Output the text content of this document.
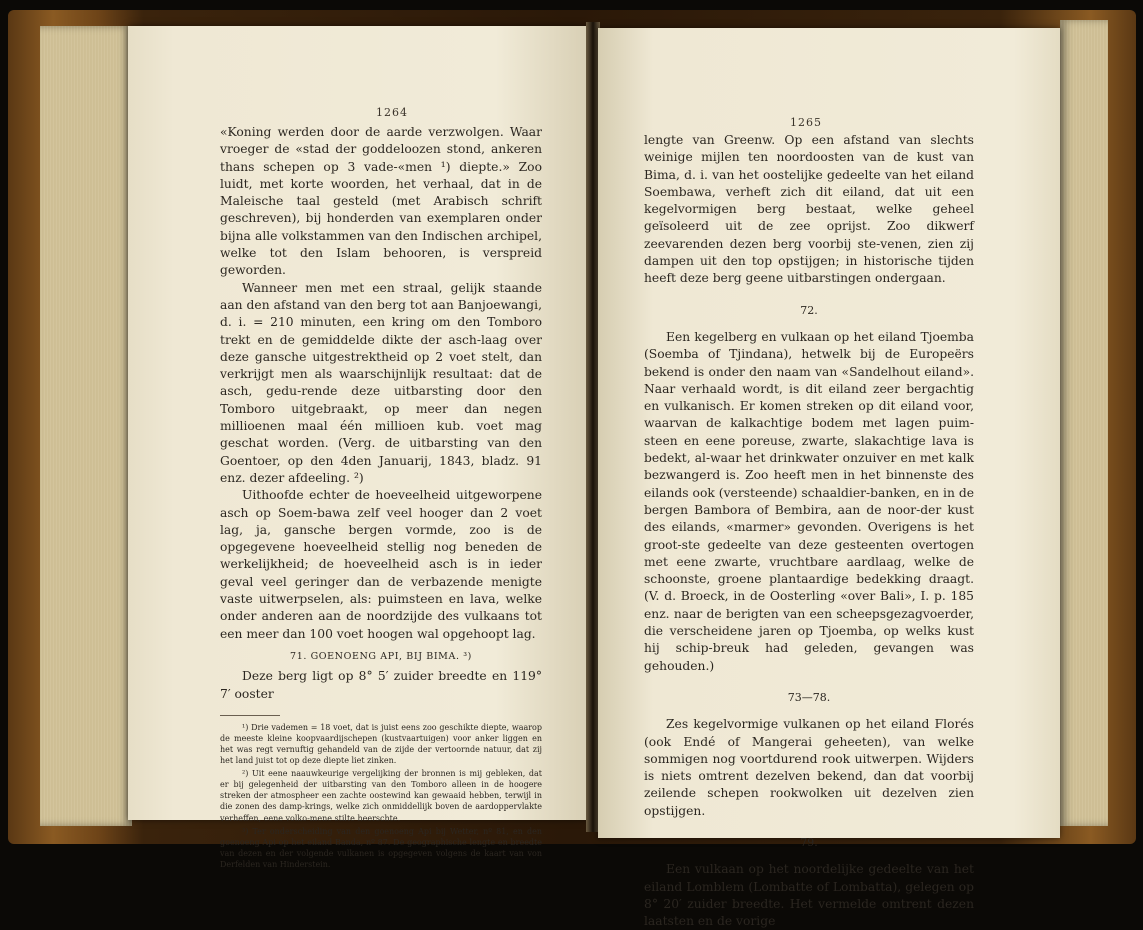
1264

«Koning werden door de aarde verzwolgen. Waar vroeger de «stad der goddeloozen stond, ankeren thans schepen op 3 vade-«men ¹) diepte.» Zoo luidt, met korte woorden, het verhaal, dat in de Maleische taal gesteld (met Arabisch schrift geschreven), bij honderden van exemplaren onder bijna alle volkstammen van den Indischen archipel, welke tot den Islam behooren, is verspreid geworden.

Wanneer men met een straal, gelijk staande aan den afstand van den berg tot aan Banjoewangi, d. i. = 210 minuten, een kring om den Tomboro trekt en de gemiddelde dikte der asch-laag over deze gansche uitgestrektheid op 2 voet stelt, dan verkrijgt men als waarschijnlijk resultaat: dat de asch, gedu-rende deze uitbarsting door den Tomboro uitgebraakt, op meer dan negen millioenen maal één millioen kub. voet mag geschat worden. (Verg. de uitbarsting van den Goentoer, op den 4den Januarij, 1843, bladz. 91 enz. dezer afdeeling. ²)

Uithoofde echter de hoeveelheid uitgeworpene asch op Soem-bawa zelf veel hooger dan 2 voet lag, ja, gansche bergen vormde, zoo is de opgegevene hoeveelheid stellig nog beneden de werkelijkheid; de hoeveelheid asch is in ieder geval veel geringer dan de verbazende menigte vaste uitwerpselen, als: puimsteen en lava, welke onder anderen aan de noordzijde des vulkaans tot een meer dan 100 voet hoogen wal opgehoopt lag.

71. GOENOENG API, BIJ BIMA. ³)

Deze berg ligt op 8° 5′ zuider breedte en 119° 7′ ooster

¹) Drie vademen = 18 voet, dat is juist eens zoo geschikte diepte, waarop de meeste kleine koopvaardijschepen (kustvaartuigen) voor anker liggen en het was regt vernuftig gehandeld van de zijde der vertoornde natuur, dat zij het land juist tot op deze diepte liet zinken.

²) Uit eene naauwkeurige vergelijking der bronnen is mij gebleken, dat er bij gelegenheid der uitbarsting van den Tomboro alleen in de hoogere streken der atmospheer een zachte oostewind kan gewaaid hebben, terwijl in die zonen des damp-krings, welke zich onmiddellijk boven de aardoppervlakte verheffen, eene volko-mene stilte heerschte.

³) Ter onderscheiding van den goenoeng Api bij Wetter, nº 81, en den goenoeng Api op het eiland Banda, nº 87. De geographische lengte en breedte van dezen en der volgende vulkanen is opgegeven volgens de kaart van von Derfelden van Hinderstein.

1265

lengte van Greenw. Op een afstand van slechts weinige mijlen ten noordoosten van de kust van Bima, d. i. van het oostelijke gedeelte van het eiland Soembawa, verheft zich dit eiland, dat uit een kegelvormigen berg bestaat, welke geheel geïsoleerd uit de zee oprijst. Zoo dikwerf zeevarenden dezen berg voorbij ste-venen, zien zij dampen uit den top opstijgen; in historische tijden heeft deze berg geene uitbarstingen ondergaan.

72.

Een kegelberg en vulkaan op het eiland Tjoemba (Soemba of Tjindana), hetwelk bij de Europeërs bekend is onder den naam van «Sandelhout eiland». Naar verhaald wordt, is dit eiland zeer bergachtig en vulkanisch. Er komen streken op dit eiland voor, waarvan de kalkachtige bodem met lagen puim-steen en eene poreuse, zwarte, slakachtige lava is bedekt, al-waar het drinkwater onzuiver en met kalk bezwangerd is. Zoo heeft men in het binnenste des eilands ook (versteende) schaaldier-banken, en in de bergen Bambora of Bembira, aan de noor-der kust des eilands, «marmer» gevonden. Overigens is het groot-ste gedeelte van deze gesteenten overtogen met eene zwarte, vruchtbare aardlaag, welke de schoonste, groene plantaardige bedekking draagt. (V. d. Broeck, in de Oosterling «over Bali», I. p. 185 enz. naar de berigten van een scheepsgezagvoerder, die verscheidene jaren op Tjoemba, op welks kust hij schip-breuk had geleden, gevangen was gehouden.)

73—78.

Zes kegelvormige vulkanen op het eiland Florés (ook Endé of Mangerai geheeten), van welke sommigen nog voortdurend rook uitwerpen. Wijders is niets omtrent dezelven bekend, dan dat voorbij zeilende schepen rookwolken uit dezelven zien opstijgen.

79.

Een vulkaan op het noordelijke gedeelte van het eiland Lomblem (Lombatte of Lombatta), gelegen op 8° 20′ zuider breedte. Het vermelde omtrent dezen laatsten en de vorige
